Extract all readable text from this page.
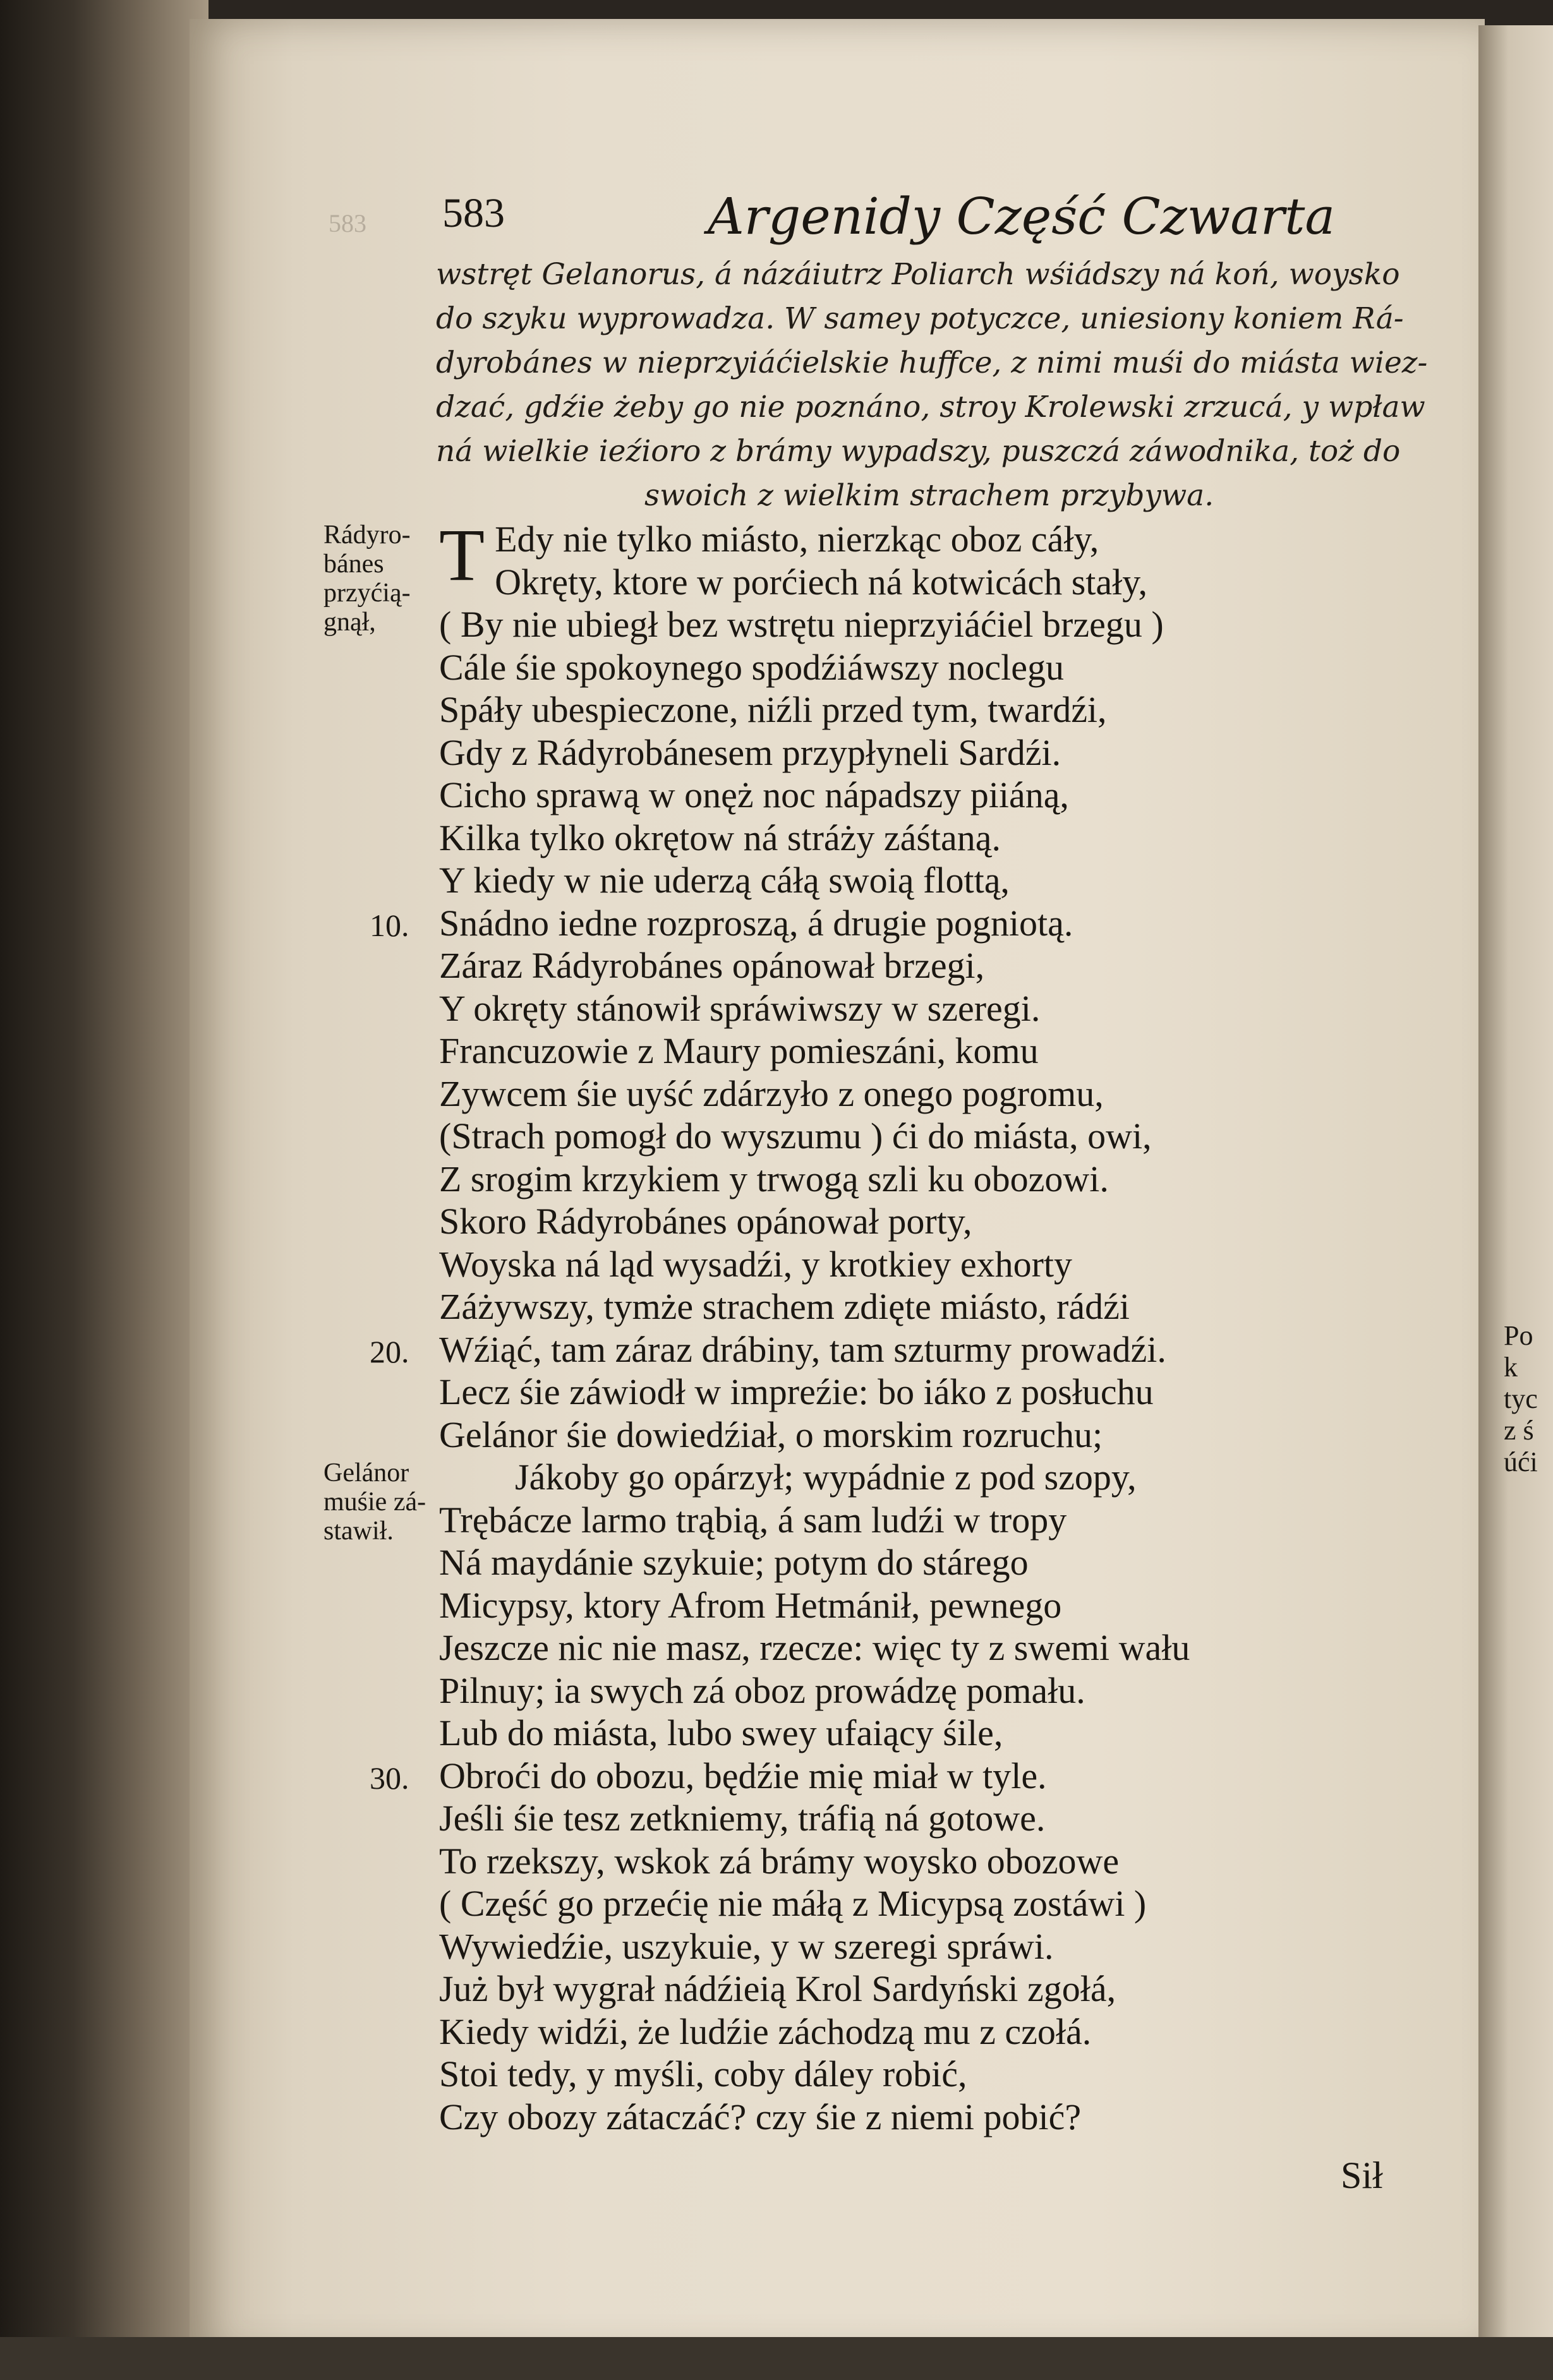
583	Argenidy Część Czwarta
wstręt Gelanorus, á názáiutrz Poliarch wśiádszy ná koń, woysko
do szyku wyprowadza. W samey potyczce, uniesiony koniem Rá-
dyrobánes w nieprzyiáćielskie huffce, z nimi muśi do miásta wiez-
dzać, gdźie żeby go nie poznáno, stroy Krolewski zrzucá, y wpław
ná wielkie ieźioro z brámy wypadszy, puszczá záwodnika, toż do
swoich z wielkim strachem przybywa.
T Edy nie tylko miásto, nierzkąc oboz cáły,
Okręty, ktore w porćiech ná kotwicách stały,
( By nie ubiegł bez wstrętu nieprzyiáćiel brzegu )
Cále śie spokoynego spodźiáwszy noclegu
Spáły ubespieczone, niźli przed tym, twardźi,
Gdy z Rádyrobánesem przypłyneli Sardźi.
Cicho sprawą w onęż noc nápadszy piiáną,
Kilka tylko okrętow ná stráży záśtaną.
Y kiedy w nie uderzą cáłą swoią flottą,
Snádno iedne rozproszą, á drugie pogniotą.
Záraz Rádyrobánes opánował brzegi,
Y okręty stánowił spráwiwszy w szeregi.
Francuzowie z Maury pomieszáni, komu
Zywcem śie uyść zdárzyło z onego pogromu,
(Strach pomogł do wyszumu ) ći do miásta, owi,
Z srogim krzykiem y trwogą szli ku obozowi.
Skoro Rádyrobánes opánował porty,
Woyska ná ląd wysadźi, y krotkiey exhorty
Záżywszy, tymże strachem zdięte miásto, rádźi
Wźiąć, tam záraz drábiny, tam szturmy prowadźi.
Lecz śie záwiodł w impreźie: bo iáko z posłuchu
Gelánor śie dowiedźiał, o morskim rozruchu;
Jákoby go opárzył; wypádnie z pod szopy,
Trębácze larmo trąbią, á sam ludźi w tropy
Ná maydánie szykuie; potym do stárego
Micypsy, ktory Afrom Hetmánił, pewnego
Jeszcze nic nie masz, rzecze: więc ty z swemi wału
Pilnuy; ia swych zá oboz prowádzę pomału.
Lub do miásta, lubo swey ufaiący śile,
Obroći do obozu, będźie mię miał w tyle.
Jeśli śie tesz zetkniemy, tráfią ná gotowe.
To rzekszy, wskok zá brámy woysko obozowe
( Część go przećię nie máłą z Micypsą zostáwi )
Wywiedźie, uszykuie, y w szeregi spráwi.
Już był wygrał nádźieią Krol Sardyński zgołá,
Kiedy widźi, że ludźie záchodzą mu z czołá.
Stoi tedy, y myśli, coby dáley robić,
Czy obozy zátaczáć? czy śie z niemi pobić?
10.
20.
30.
Rádyro-
bánes
przyćią-
gnął,
Gelánor
muśie zá-
stawił.
Sił
Po
k
tyc
z ś
úći
583
